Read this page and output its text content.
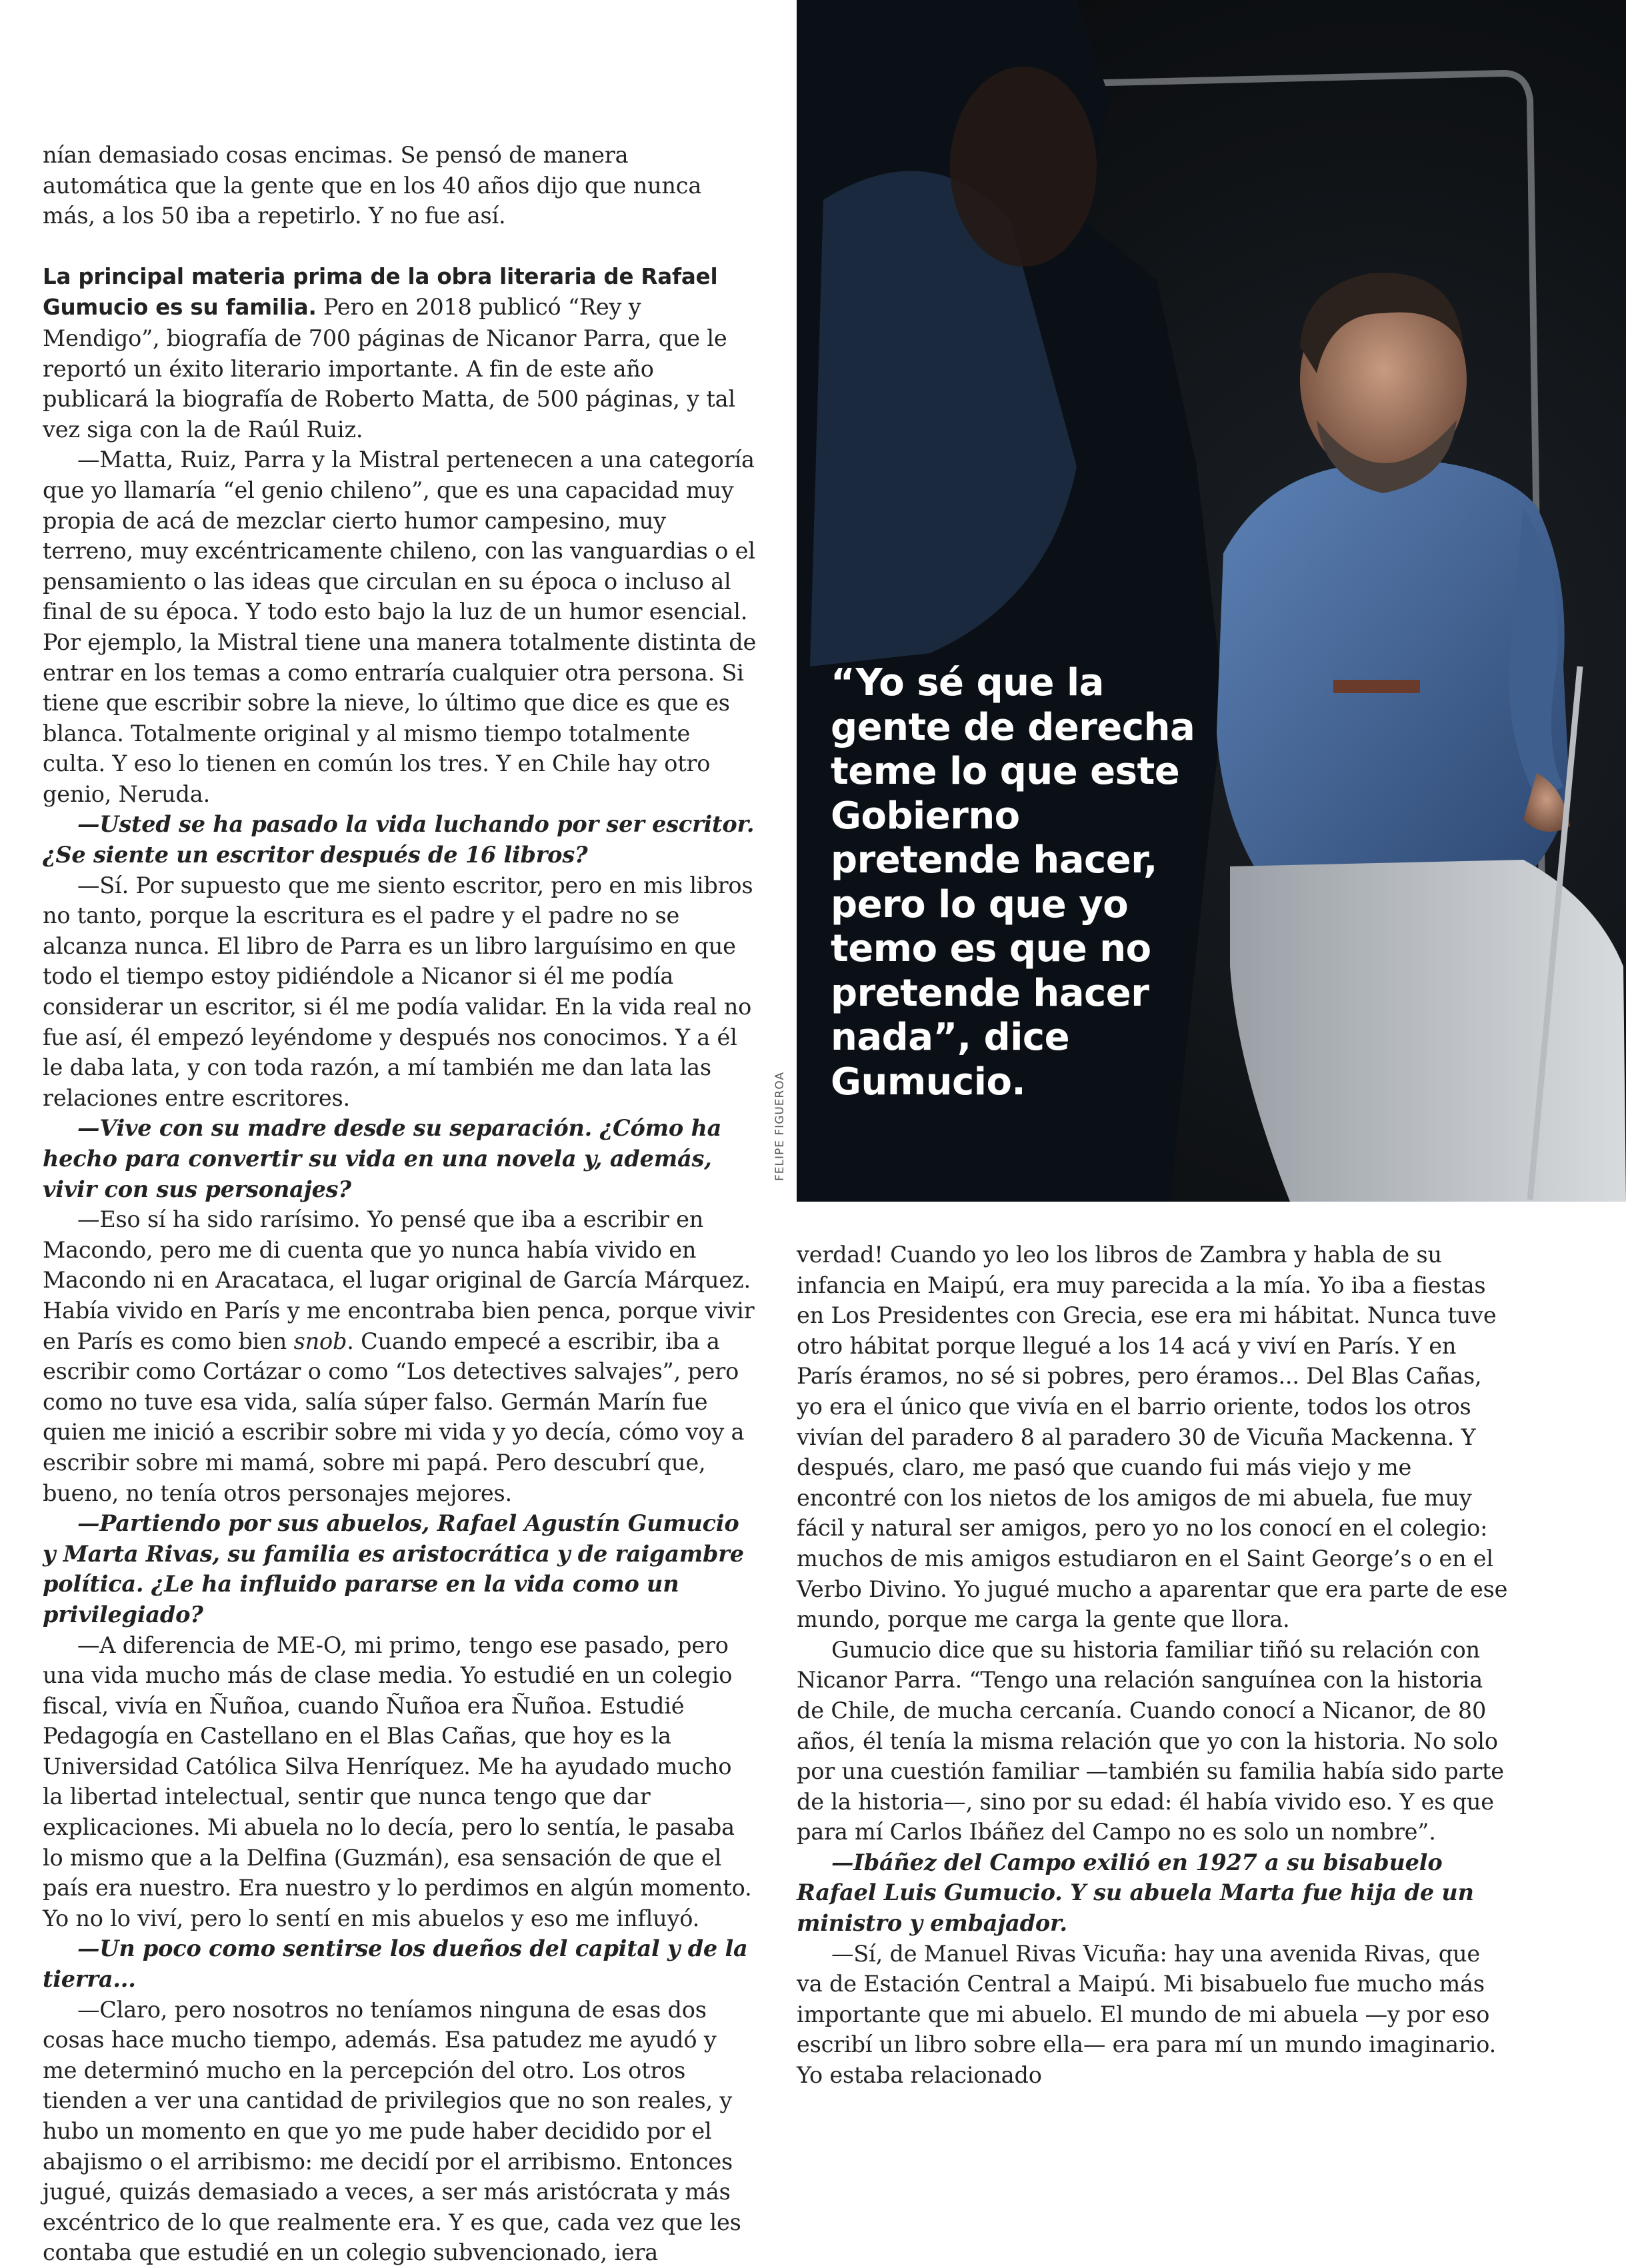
nían demasiado cosas encimas. Se pensó de manera automática que la gente que en los 40 años dijo que nunca más, a los 50 iba a repetirlo. Y no fue así.

La principal materia prima de la obra literaria de Rafael Gumucio es su familia. Pero en 2018 publicó “Rey y Mendigo”, biografía de 700 páginas de Nicanor Parra, que le reportó un éxito literario importante. A fin de este año publicará la biografía de Roberto Matta, de 500 páginas, y tal vez siga con la de Raúl Ruiz.

—Matta, Ruiz, Parra y la Mistral pertenecen a una categoría que yo llamaría “el genio chileno”, que es una capacidad muy propia de acá de mezclar cierto humor campesino, muy terreno, muy excéntricamente chileno, con las vanguardias o el pensamiento o las ideas que circulan en su época o incluso al final de su época. Y todo esto bajo la luz de un humor esencial. Por ejemplo, la Mistral tiene una manera totalmente distinta de entrar en los temas a como entraría cualquier otra persona. Si tiene que escribir sobre la nieve, lo último que dice es que es blanca. Totalmente original y al mismo tiempo totalmente culta. Y eso lo tienen en común los tres. Y en Chile hay otro genio, Neruda.

—Usted se ha pasado la vida luchando por ser escritor. ¿Se siente un escritor después de 16 libros?

—Sí. Por supuesto que me siento escritor, pero en mis libros no tanto, porque la escritura es el padre y el padre no se alcanza nunca. El libro de Parra es un libro larguísimo en que todo el tiempo estoy pidiéndole a Nicanor si él me podía considerar un escritor, si él me podía validar. En la vida real no fue así, él empezó leyéndome y después nos conocimos. Y a él le daba lata, y con toda razón, a mí también me dan lata las relaciones entre escritores.

—Vive con su madre desde su separación. ¿Cómo ha hecho para convertir su vida en una novela y, además, vivir con sus personajes?

—Eso sí ha sido rarísimo. Yo pensé que iba a escribir en Macondo, pero me di cuenta que yo nunca había vivido en Macondo ni en Aracataca, el lugar original de García Márquez. Había vivido en París y me encontraba bien penca, porque vivir en París es como bien snob. Cuando empecé a escribir, iba a escribir como Cortázar o como “Los detectives salvajes”, pero como no tuve esa vida, salía súper falso. Germán Marín fue quien me inició a escribir sobre mi vida y yo decía, cómo voy a escribir sobre mi mamá, sobre mi papá. Pero descubrí que, bueno, no tenía otros personajes mejores.

—Partiendo por sus abuelos, Rafael Agustín Gumucio y Marta Rivas, su familia es aristocrática y de raigambre política. ¿Le ha influido pararse en la vida como un privilegiado?

—A diferencia de ME-O, mi primo, tengo ese pasado, pero una vida mucho más de clase media. Yo estudié en un colegio fiscal, vivía en Ñuñoa, cuando Ñuñoa era Ñuñoa. Estudié Pedagogía en Castellano en el Blas Cañas, que hoy es la Universidad Católica Silva Henríquez. Me ha ayudado mucho la libertad intelectual, sentir que nunca tengo que dar explicaciones. Mi abuela no lo decía, pero lo sentía, le pasaba lo mismo que a la Delfina (Guzmán), esa sensación de que el país era nuestro. Era nuestro y lo perdimos en algún momento. Yo no lo viví, pero lo sentí en mis abuelos y eso me influyó.

—Un poco como sentirse los dueños del capital y de la tierra...

—Claro, pero nosotros no teníamos ninguna de esas dos cosas hace mucho tiempo, además. Esa patudez me ayudó y me determinó mucho en la percepción del otro. Los otros tienden a ver una cantidad de privilegios que no son reales, y hubo un momento en que yo me pude haber decidido por el abajismo o el arribismo: me decidí por el arribismo. Entonces jugué, quizás demasiado a veces, a ser más aristócrata y más excéntrico de lo que realmente era. Y es que, cada vez que les contaba que estudié en un colegio subvencionado, iera

“Yo sé que la gente de derecha teme lo que este Gobierno pretende hacer, pero lo que yo temo es que no pretende hacer nada”, dice Gumucio.
FELIPE FIGUEROA

verdad! Cuando yo leo los libros de Zambra y habla de su infancia en Maipú, era muy parecida a la mía. Yo iba a fiestas en Los Presidentes con Grecia, ese era mi hábitat. Nunca tuve otro hábitat porque llegué a los 14 acá y viví en París. Y en París éramos, no sé si pobres, pero éramos... Del Blas Cañas, yo era el único que vivía en el barrio oriente, todos los otros vivían del paradero 8 al paradero 30 de Vicuña Mackenna. Y después, claro, me pasó que cuando fui más viejo y me encontré con los nietos de los amigos de mi abuela, fue muy fácil y natural ser amigos, pero yo no los conocí en el colegio: muchos de mis amigos estudiaron en el Saint George’s o en el Verbo Divino. Yo jugué mucho a aparentar que era parte de ese mundo, porque me carga la gente que llora.

Gumucio dice que su historia familiar tiñó su relación con Nicanor Parra. “Tengo una relación sanguínea con la historia de Chile, de mucha cercanía. Cuando conocí a Nicanor, de 80 años, él tenía la misma relación que yo con la historia. No solo por una cuestión familiar —también su familia había sido parte de la historia—, sino por su edad: él había vivido eso. Y es que para mí Carlos Ibáñez del Campo no es solo un nombre”.

—Ibáñez del Campo exilió en 1927 a su bisabuelo Rafael Luis Gumucio. Y su abuela Marta fue hija de un ministro y embajador.

—Sí, de Manuel Rivas Vicuña: hay una avenida Rivas, que va de Estación Central a Maipú. Mi bisabuelo fue mucho más importante que mi abuelo. El mundo de mi abuela —y por eso escribí un libro sobre ella— era para mí un mundo imaginario. Yo estaba relacionado
